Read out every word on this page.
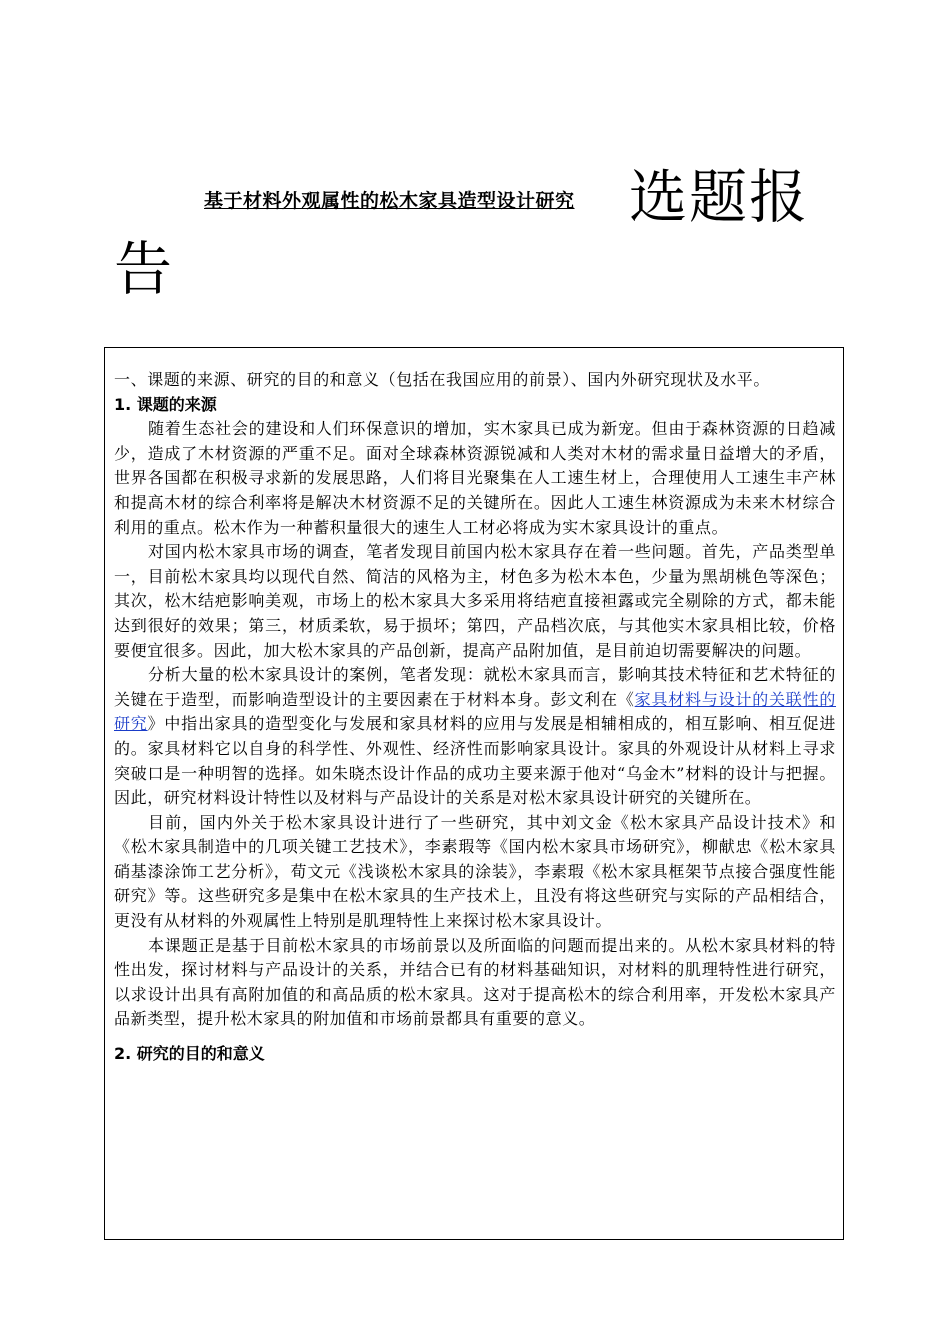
基于材料外观属性的松木家具造型设计研究 选题报
告

一、课题的来源、研究的目的和意义（包括在我国应用的前景）、国内外研究现状及水平。

1. 课题的来源

随着生态社会的建设和人们环保意识的增加，实木家具已成为新宠。但由于森林资源的日趋减少，造成了木材资源的严重不足。面对全球森林资源锐减和人类对木材的需求量日益增大的矛盾，世界各国都在积极寻求新的发展思路，人们将目光聚集在人工速生材上，合理使用人工速生丰产林和提高木材的综合利率将是解决木材资源不足的关键所在。因此人工速生林资源成为未来木材综合利用的重点。松木作为一种蓄积量很大的速生人工材必将成为实木家具设计的重点。

对国内松木家具市场的调查，笔者发现目前国内松木家具存在着一些问题。首先，产品类型单一，目前松木家具均以现代自然、简洁的风格为主，材色多为松木本色，少量为黑胡桃色等深色；其次，松木结疤影响美观，市场上的松木家具大多采用将结疤直接袒露或完全剔除的方式，都未能达到很好的效果；第三，材质柔软，易于损坏；第四，产品档次底，与其他实木家具相比较，价格要便宜很多。因此，加大松木家具的产品创新，提高产品附加值，是目前迫切需要解决的问题。

分析大量的松木家具设计的案例，笔者发现：就松木家具而言，影响其技术特征和艺术特征的关键在于造型，而影响造型设计的主要因素在于材料本身。彭文利在《家具材料与设计的关联性的研究》中指出家具的造型变化与发展和家具材料的应用与发展是相辅相成的，相互影响、相互促进的。家具材料它以自身的科学性、外观性、经济性而影响家具设计。家具的外观设计从材料上寻求突破口是一种明智的选择。如朱晓杰设计作品的成功主要来源于他对“乌金木”材料的设计与把握。因此，研究材料设计特性以及材料与产品设计的关系是对松木家具设计研究的关键所在。

目前，国内外关于松木家具设计进行了一些研究，其中刘文金《松木家具产品设计技术》和《松木家具制造中的几项关键工艺技术》，李素瑕等《国内松木家具市场研究》，柳献忠《松木家具硝基漆涂饰工艺分析》，荀文元《浅谈松木家具的涂装》，李素瑕《松木家具框架节点接合强度性能研究》等。这些研究多是集中在松木家具的生产技术上，且没有将这些研究与实际的产品相结合，更没有从材料的外观属性上特别是肌理特性上来探讨松木家具设计。

本课题正是基于目前松木家具的市场前景以及所面临的问题而提出来的。从松木家具材料的特性出发，探讨材料与产品设计的关系，并结合已有的材料基础知识，对材料的肌理特性进行研究，以求设计出具有高附加值的和高品质的松木家具。这对于提高松木的综合利用率，开发松木家具产品新类型，提升松木家具的附加值和市场前景都具有重要的意义。

2. 研究的目的和意义
